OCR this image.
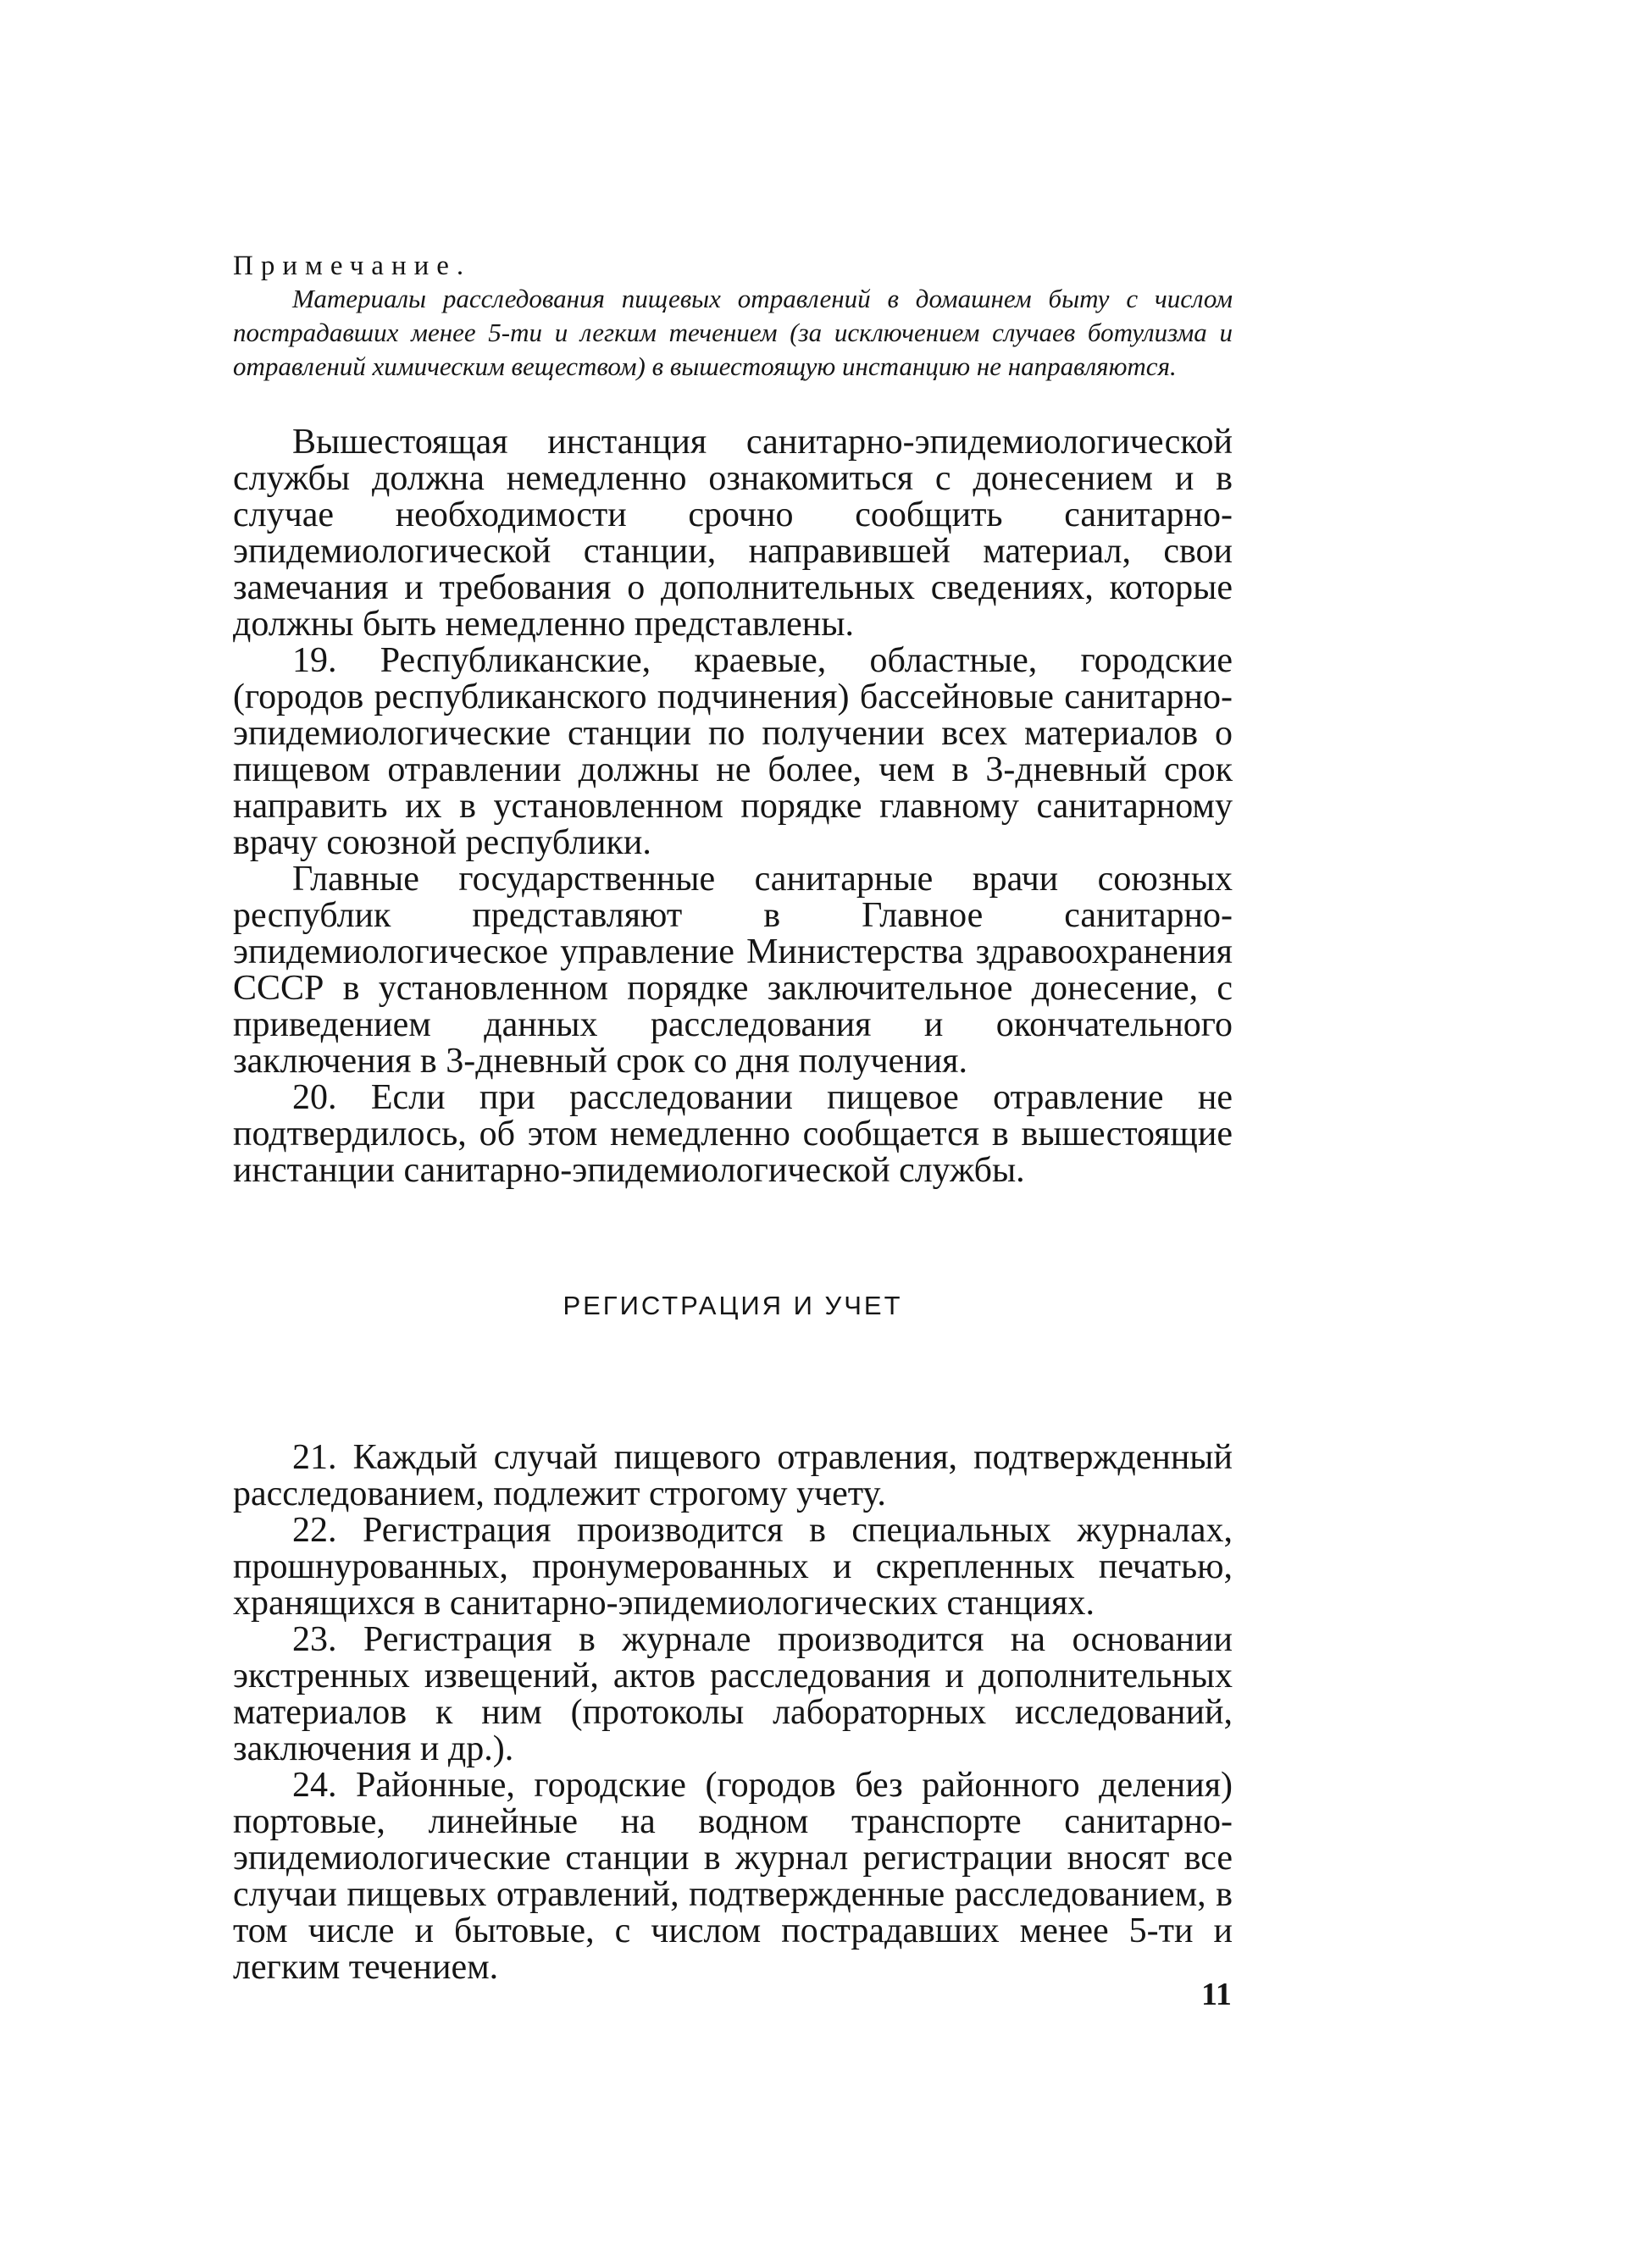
Примечание.

Материалы расследования пищевых отравлений в домашнем быту с числом пострадавших менее 5-ти и легким течением (за исключением случаев ботулизма и отравлений химическим веществом) в вышестоящую инстанцию не направляются.

Вышестоящая инстанция санитарно-эпидемиологической службы должна немедленно ознакомиться с донесением и в случае необходимости срочно сообщить санитарно-эпидемиологической станции, направившей материал, свои замечания и требования о дополнительных сведениях, которые должны быть немедленно представлены.

19. Республиканские, краевые, областные, городские (городов республиканского подчинения) бассейновые санитарно-эпидемиологические станции по получении всех материалов о пищевом отравлении должны не более, чем в 3-дневный срок направить их в установленном порядке главному санитарному врачу союзной республики.

Главные государственные санитарные врачи союзных республик представляют в Главное санитарно-эпидемиологическое управление Министерства здравоохранения СССР в установленном порядке заключительное донесение, с приведением данных расследования и окончательного заключения в 3-дневный срок со дня получения.

20. Если при расследовании пищевое отравление не подтвердилось, об этом немедленно сообщается в вышестоящие инстанции санитарно-эпидемиологической службы.

РЕГИСТРАЦИЯ И УЧЕТ

21. Каждый случай пищевого отравления, подтвержденный расследованием, подлежит строгому учету.

22. Регистрация производится в специальных журналах, прошнурованных, пронумерованных и скрепленных печатью, хранящихся в санитарно-эпидемиологических станциях.

23. Регистрация в журнале производится на основании экстренных извещений, актов расследования и дополнительных материалов к ним (протоколы лабораторных исследований, заключения и др.).

24. Районные, городские (городов без районного деления) портовые, линейные на водном транспорте санитарно-эпидемиологические станции в журнал регистрации вносят все случаи пищевых отравлений, подтвержденные расследованием, в том числе и бытовые, с числом пострадавших менее 5-ти и легким течением.

11
